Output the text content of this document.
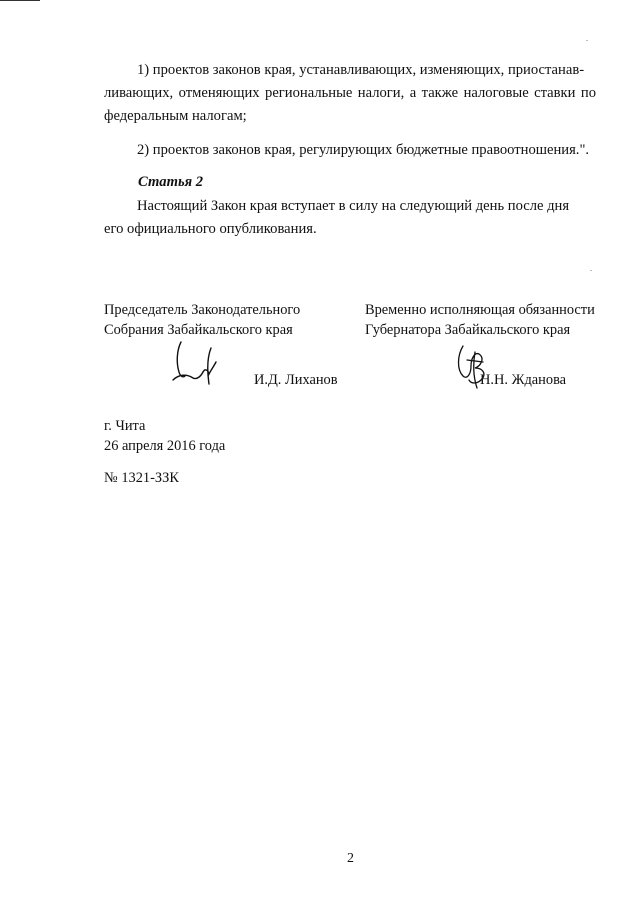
1) проектов законов края, устанавливающих, изменяющих, приостанав-
ливающих, отменяющих региональные налоги, а также налоговые ставки по федеральным налогам;
2) проектов законов края, регулирующих бюджетные правоотношения.".
Статья 2
Настоящий Закон края вступает в силу на следующий день после дня
его официального опубликования.
Председатель Законодательного
Собрания Забайкальского края
Временно исполняющая обязанности
Губернатора Забайкальского края
И.Д. Лиханов	Н.Н. Жданова
г. Чита
26 апреля 2016 года
№ 1321-ЗЗК
2
